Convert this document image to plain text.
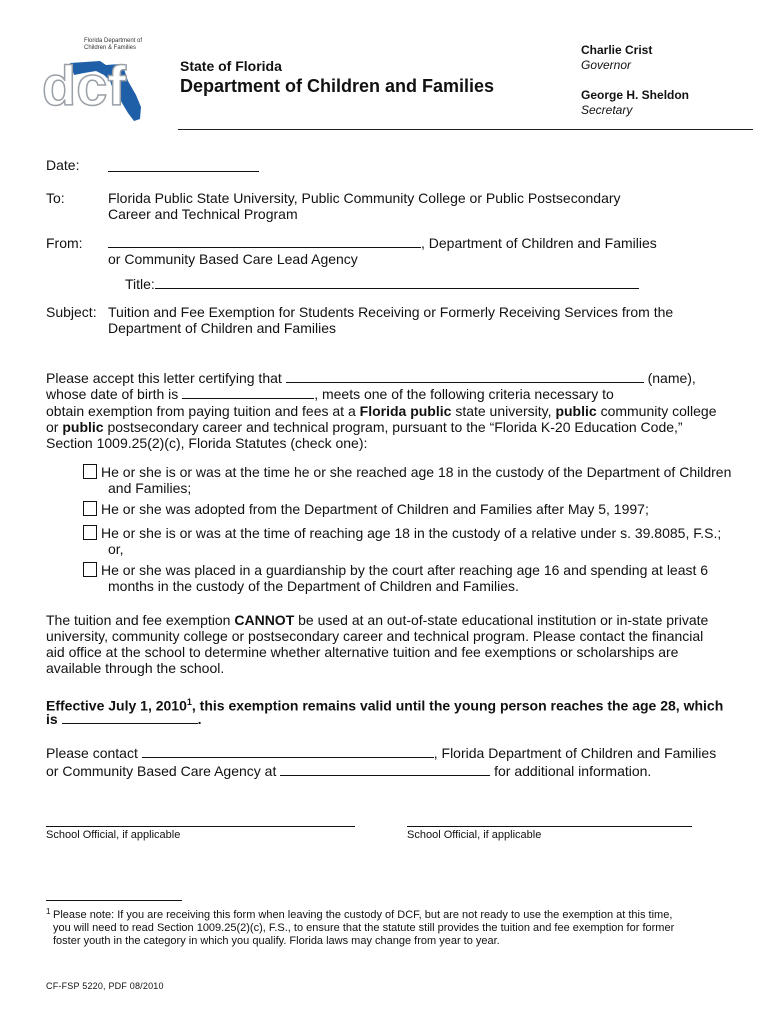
dcf
Florida Department of Children & Families
State of Florida
Department of Children and Families
Charlie Crist
Governor
George H. Sheldon
Secretary
Date:
To:	Florida Public State University, Public Community College or Public Postsecondary
Career and Technical Program
From:	, Department of Children and Families
or Community Based Care Lead Agency
Title:
Subject: Tuition and Fee Exemption for Students Receiving or Formerly Receiving Services from the
Department of Children and Families
Please accept this letter certifying that	(name),
whose date of birth is	, meets one of the following criteria necessary to
obtain exemption from paying tuition and fees at a Florida public state university, public community college
or public postsecondary career and technical program, pursuant to the “Florida K-20 Education Code,”
Section 1009.25(2)(c), Florida Statutes (check one):
He or she is or was at the time he or she reached age 18 in the custody of the Department of Children
and Families;
He or she was adopted from the Department of Children and Families after May 5, 1997;
He or she is or was at the time of reaching age 18 in the custody of a relative under s. 39.8085, F.S.;
or,
He or she was placed in a guardianship by the court after reaching age 16 and spending at least 6
months in the custody of the Department of Children and Families.
The tuition and fee exemption CANNOT be used at an out-of-state educational institution or in-state private
university, community college or postsecondary career and technical program. Please contact the financial
aid office at the school to determine whether alternative tuition and fee exemptions or scholarships are
available through the school.
Effective July 1, 2010$^1$, this exemption remains valid until the young person reaches the age 28, which
is	.
Please contact	, Florida Department of Children and Families
or Community Based Care Agency at	for additional information.
School Official, if applicable	School Official, if applicable
1 Please note: If you are receiving this form when leaving the custody of DCF, but are not ready to use the exemption at this time,
you will need to read Section 1009.25(2)(c), F.S., to ensure that the statute still provides the tuition and fee exemption for former
foster youth in the category in which you qualify. Florida laws may change from year to year.
CF-FSP 5220, PDF 08/2010
